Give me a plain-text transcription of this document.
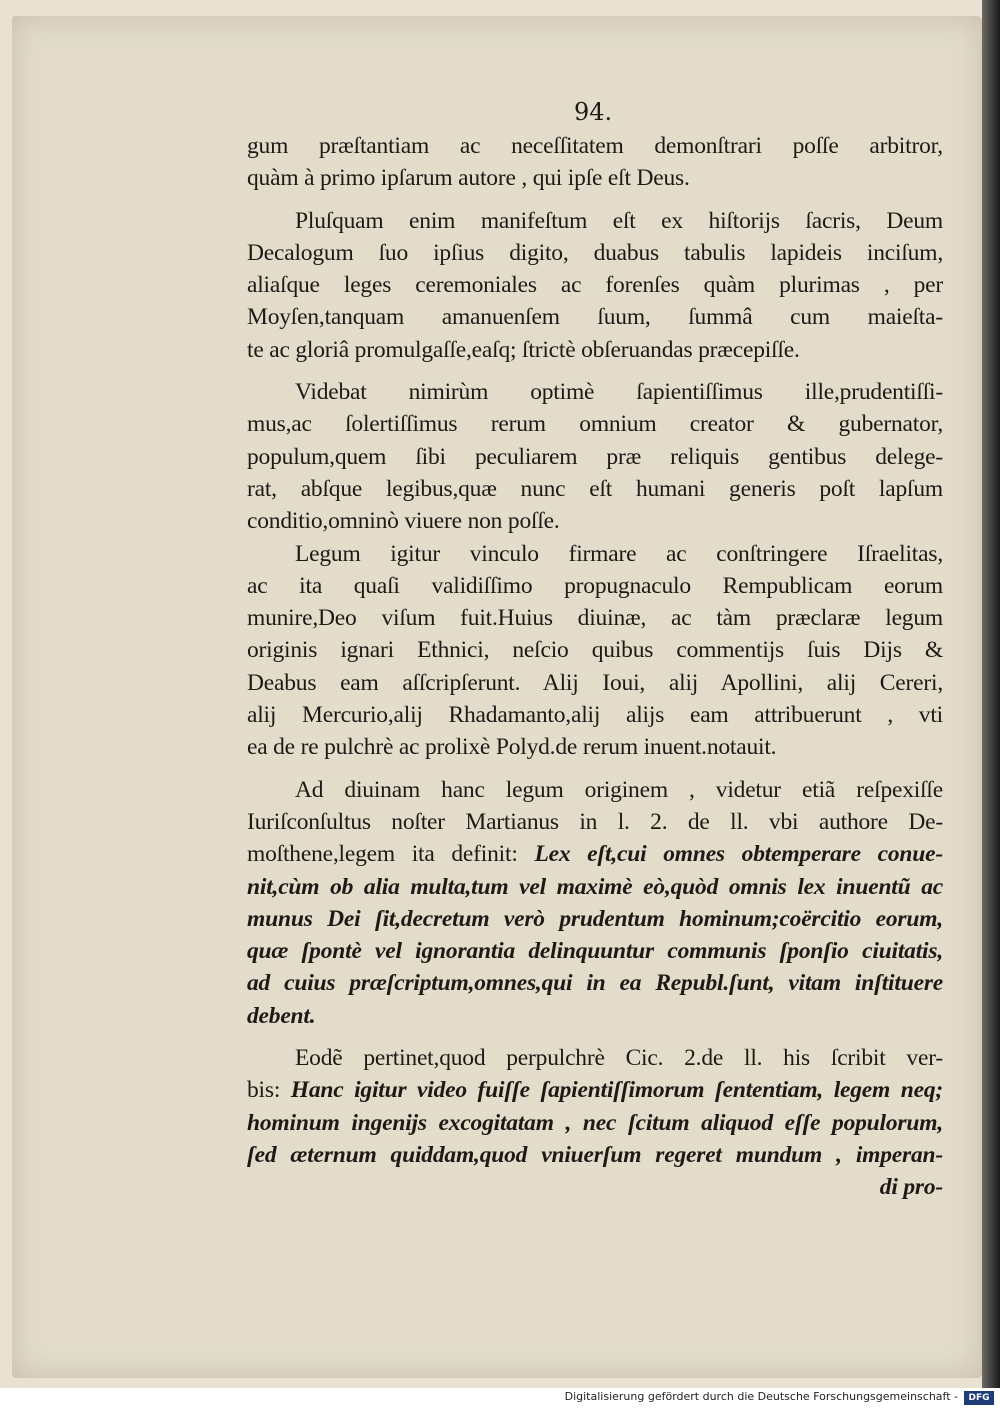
94.
gum præſtantiam ac neceſſitatem demonſtrari poſſe arbitror,
quàm à primo ipſarum autore , qui ipſe eſt Deus.
Pluſquam enim manifeſtum eſt ex hiſtorijs ſacris, Deum
Decalogum ſuo ipſius digito, duabus tabulis lapideis inciſum,
aliaſque leges ceremoniales ac forenſes quàm plurimas , per
Moyſen,tanquam amanuenſem ſuum, ſummâ cum maieſta-
te ac gloriâ promulgaſſe,eaſq; ſtrictè obſeruandas præcepiſſe.
Videbat nimirùm optimè ſapientiſſimus ille,prudentiſſi-
mus,ac ſolertiſſimus rerum omnium creator & gubernator,
populum,quem ſibi peculiarem præ reliquis gentibus delege-
rat, abſque legibus,quæ nunc eſt humani generis poſt lapſum
conditio,omninò viuere non poſſe.
Legum igitur vinculo firmare ac conſtringere Iſraelitas,
ac ita quaſi validiſſimo propugnaculo Rempublicam eorum
munire,Deo viſum fuit.Huius diuinæ, ac tàm præclaræ legum
originis ignari Ethnici, neſcio quibus commentijs ſuis Dijs &
Deabus eam aſſcripſerunt. Alij Ioui, alij Apollini, alij Cereri,
alij Mercurio,alij Rhadamanto,alij alijs eam attribuerunt , vti
ea de re pulchrè ac prolixè Polyd.de rerum inuent.notauit.
Ad diuinam hanc legum originem , videtur etiã reſpexiſſe
Iuriſconſultus noſter Martianus in l. 2. de ll. vbi authore De-
moſthene,legem ita definit: Lex eſt,cui omnes obtemperare conue-
nit,cùm ob alia multa,tum vel maximè eò,quòd omnis lex inuentũ ac
munus Dei ſit,decretum verò prudentum hominum;coërcitio eorum,
quæ ſpontè vel ignorantia delinquuntur communis ſponſio ciuitatis,
ad cuius præſcriptum,omnes,qui in ea Republ.ſunt, vitam inſtituere
debent.
Eodẽ pertinet,quod perpulchrè Cic. 2.de ll. his ſcribit ver-
bis: Hanc igitur video fuiſſe ſapientiſſimorum ſententiam, legem neq;
hominum ingenijs excogitatam , nec ſcitum aliquod eſſe populorum,
ſed æternum quiddam,quod vniuerſum regeret mundum , imperan-
di pro-
Digitalisierung gefördert durch die Deutsche Forschungsgemeinschaft -	DFG
